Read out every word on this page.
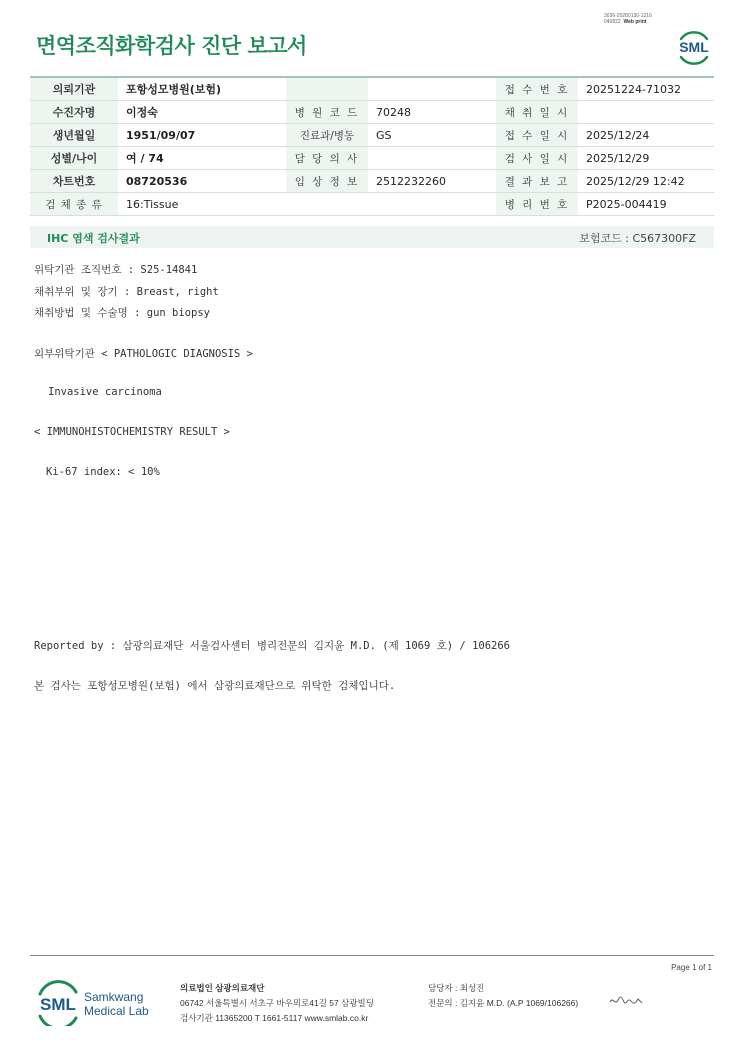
3036-20260130-1216
040822 Web print
면역조직화학검사 진단 보고서	SML
의뢰기관	포항성모병원(보험)			접 수 번 호	20251224-71032
수진자명	이정숙	병 원 코 드	70248	채 취 일 시	
생년월일	1951/09/07	진료과/병동	GS	접 수 일 시	2025/12/24
성별/나이	여 / 74	담 당 의 사		검 사 일 시	2025/12/29
차트번호	08720536	임 상 정 보	2512232260	결 과 보 고	2025/12/29 12:42
검 체 종 류	16:Tissue			병 리 번 호	P2025-004419
IHC 염색 검사결과	보험코드 : C567300FZ
위탁기관 조직번호 : S25-14841
채취부위 및 장기 : Breast, right
채취방법 및 수술명 : gun biopsy
외부위탁기관 < PATHOLOGIC DIAGNOSIS >
Invasive carcinoma
< IMMUNOHISTOCHEMISTRY RESULT >
Ki-67 index: < 10%
Reported by : 삼광의료재단 서울검사센터 병리전문의 김지윤 M.D. (제 1069 호) / 106266
본 검사는 포항성모병원(보험) 에서 삼광의료재단으로 위탁한 검체입니다.
Page 1 of 1
SML Samkwang
Medical Lab
의료법인 삼광의료재단
06742 서울특별시 서초구 바우뫼로41길 57 삼광빌딩
검사기관 11365200 T 1661-5117 www.smlab.co.kr
담당자 : 최성진
전문의 : 김지윤 M.D. (A.P 1069/106266)
